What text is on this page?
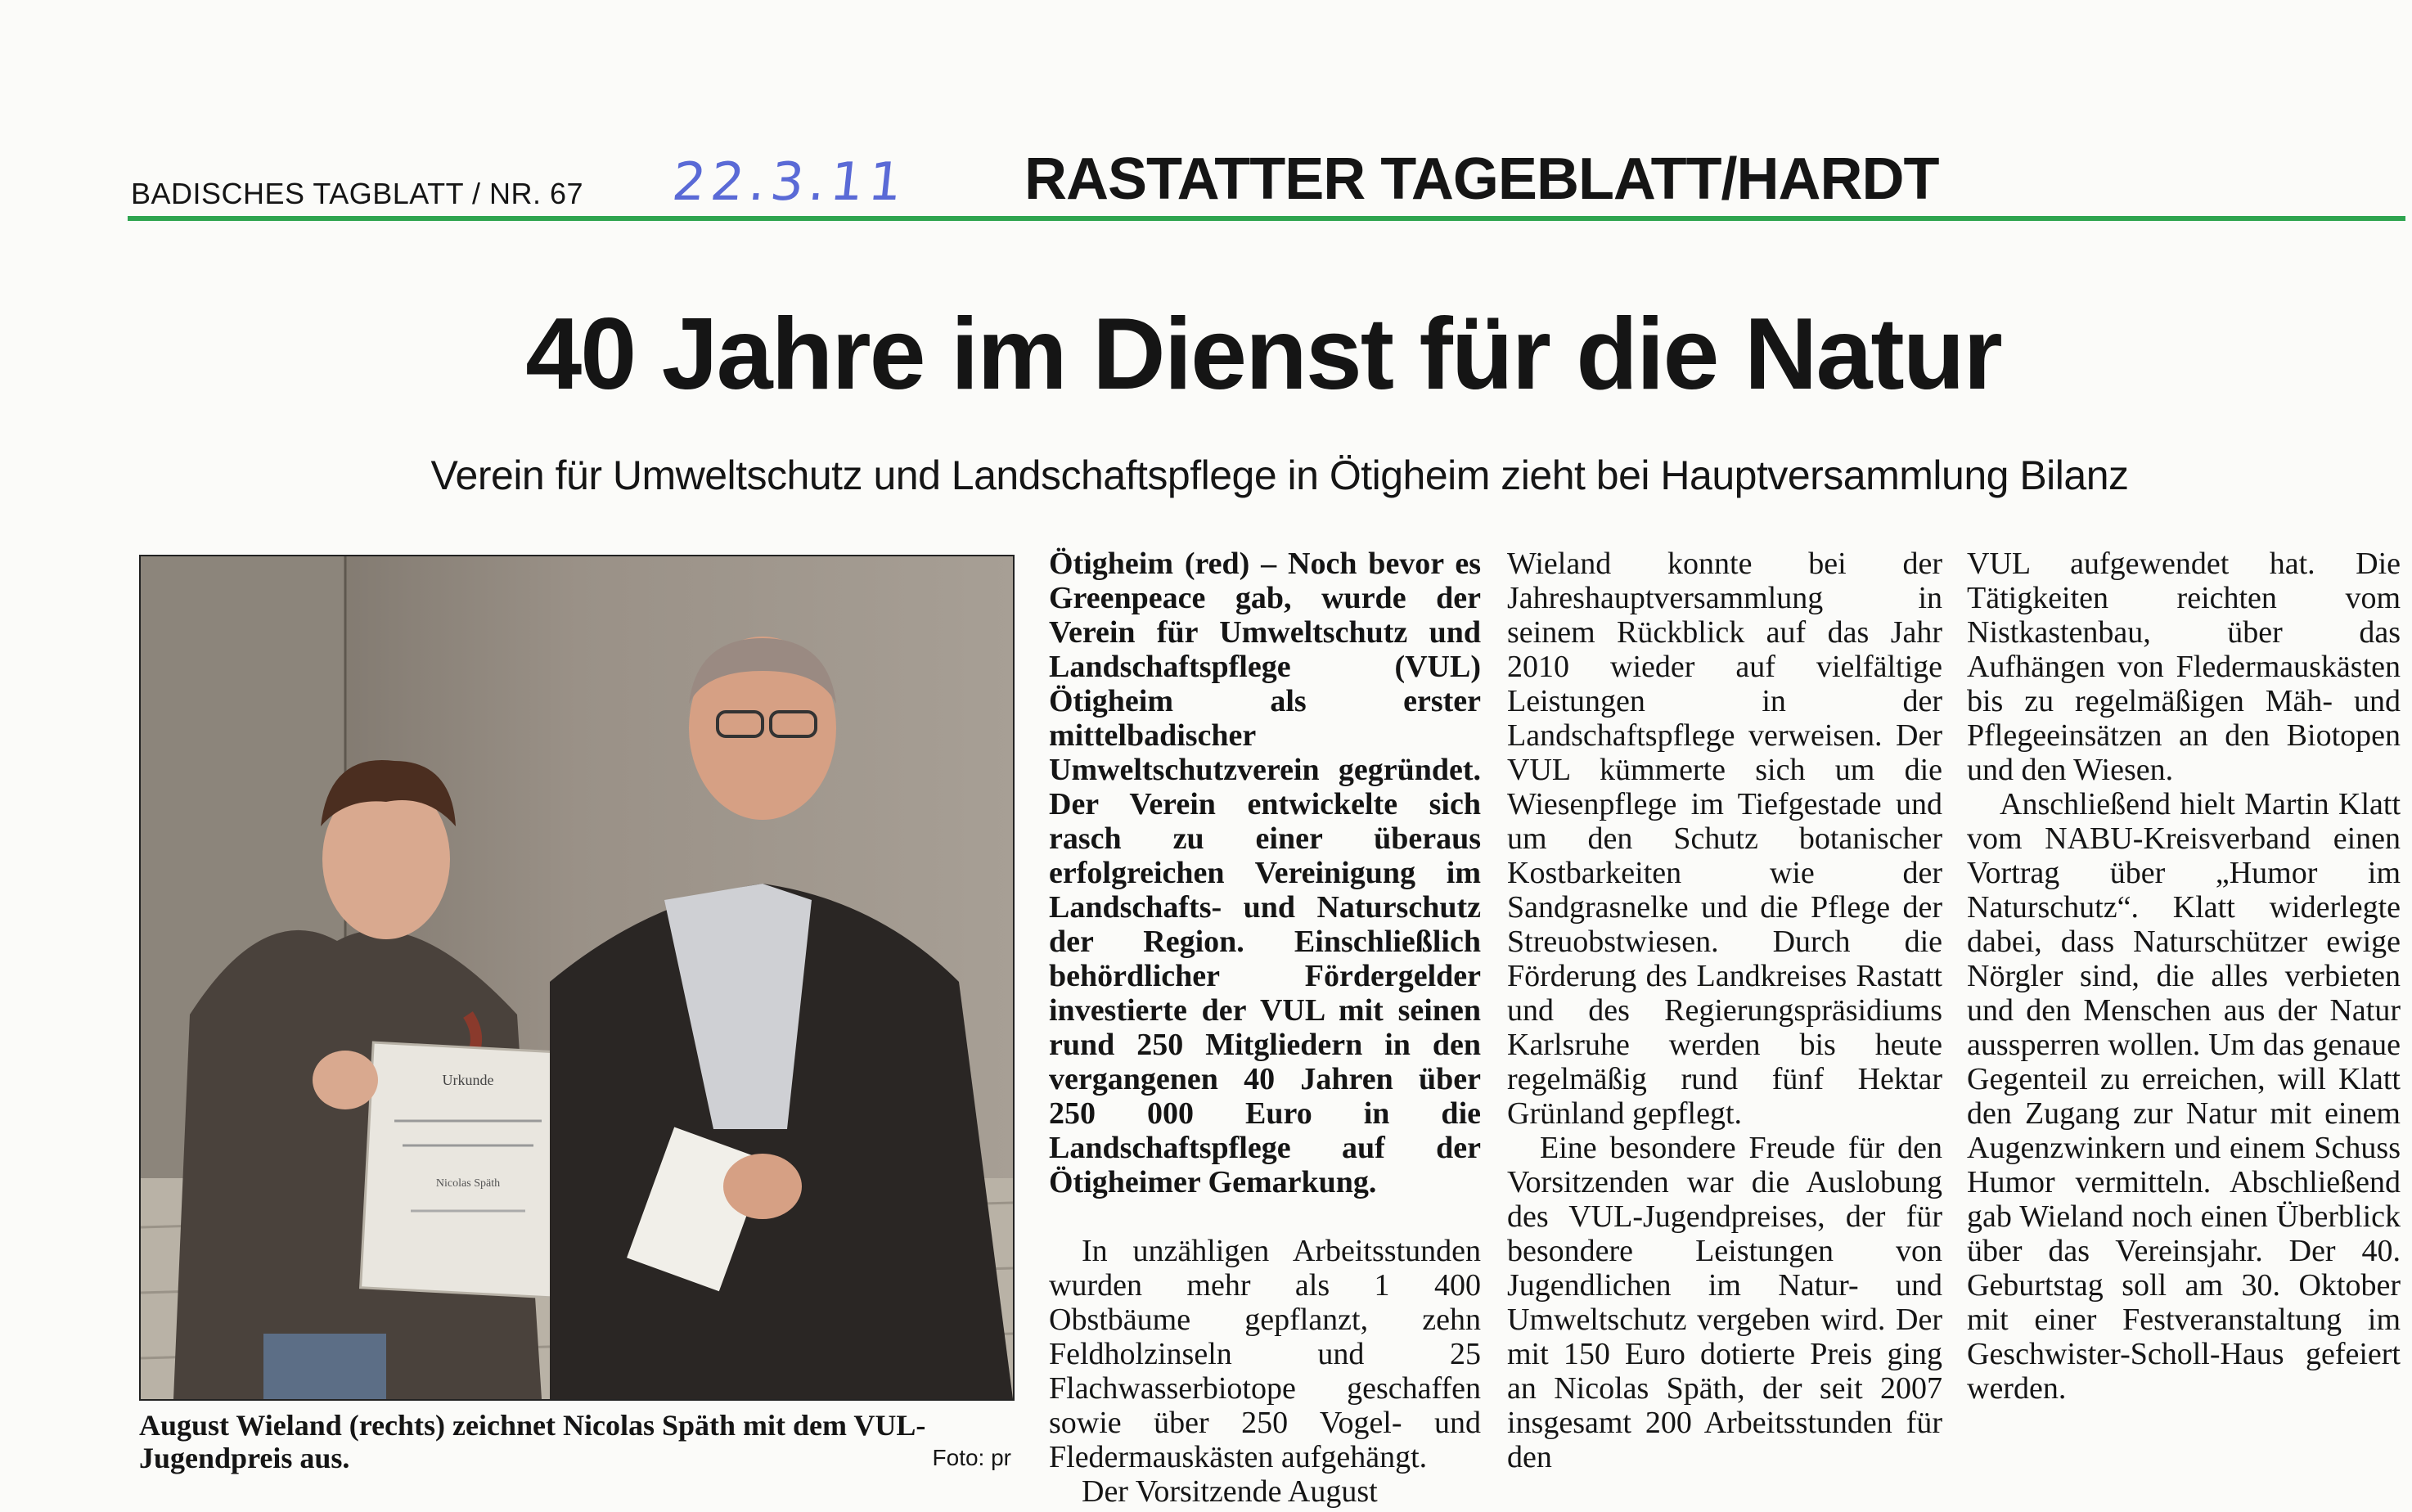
BADISCHES TAGBLATT / NR. 67 22.3.11 RASTATTER TAGEBLATT/HARDT
40 Jahre im Dienst für die Natur
Verein für Umweltschutz und Landschaftspflege in Ötigheim zieht bei Hauptversammlung Bilanz
Urkunde
Nicolas Späth
August Wieland (rechts) zeichnet Nicolas Späth mit dem VUL-Jugendpreis aus.	Foto: pr

Ötigheim (red) – Noch bevor es Greenpeace gab, wurde der Verein für Umweltschutz und Landschaftspflege (VUL) Ötigheim als erster mittelbadischer Umweltschutzverein gegründet. Der Verein entwickelte sich rasch zu einer überaus erfolgreichen Vereinigung im Landschafts- und Naturschutz der Region. Einschließlich behördlicher Fördergelder investierte der VUL mit seinen rund 250 Mitgliedern in den vergangenen 40 Jahren über 250 000 Euro in die Landschaftspflege auf der Ötigheimer Gemarkung.

In unzähligen Arbeitsstunden wurden mehr als 1 400 Obstbäume gepflanzt, zehn Feldholzinseln und 25 Flachwasserbiotope geschaffen sowie über 250 Vogel- und Fledermauskästen aufgehängt.

Der Vorsitzende August

Wieland konnte bei der Jahreshauptversammlung in seinem Rückblick auf das Jahr 2010 wieder auf vielfältige Leistungen in der Landschaftspflege verweisen. Der VUL kümmerte sich um die Wiesenpflege im Tiefgestade und um den Schutz botanischer Kostbarkeiten wie der Sandgrasnelke und die Pflege der Streuobstwiesen. Durch die Förderung des Landkreises Rastatt und des Regierungspräsidiums Karlsruhe werden bis heute regelmäßig rund fünf Hektar Grünland gepflegt.

Eine besondere Freude für den Vorsitzenden war die Auslobung des VUL-Jugendpreises, der für besondere Leistungen von Jugendlichen im Natur- und Umweltschutz vergeben wird. Der mit 150 Euro dotierte Preis ging an Nicolas Späth, der seit 2007 insgesamt 200 Arbeitsstunden für den

VUL aufgewendet hat. Die Tätigkeiten reichten vom Nistkastenbau, über das Aufhängen von Fledermauskästen bis zu regelmäßigen Mäh- und Pflegeeinsätzen an den Biotopen und den Wiesen.

Anschließend hielt Martin Klatt vom NABU-Kreisverband einen Vortrag über „Humor im Naturschutz“. Klatt widerlegte dabei, dass Naturschützer ewige Nörgler sind, die alles verbieten und den Menschen aus der Natur aussperren wollen. Um das genaue Gegenteil zu erreichen, will Klatt den Zugang zur Natur mit einem Augenzwinkern und einem Schuss Humor vermitteln. Abschließend gab Wieland noch einen Überblick über das Vereinsjahr. Der 40. Geburtstag soll am 30. Oktober mit einer Festveranstaltung im Geschwister-Scholl-Haus gefeiert werden.
